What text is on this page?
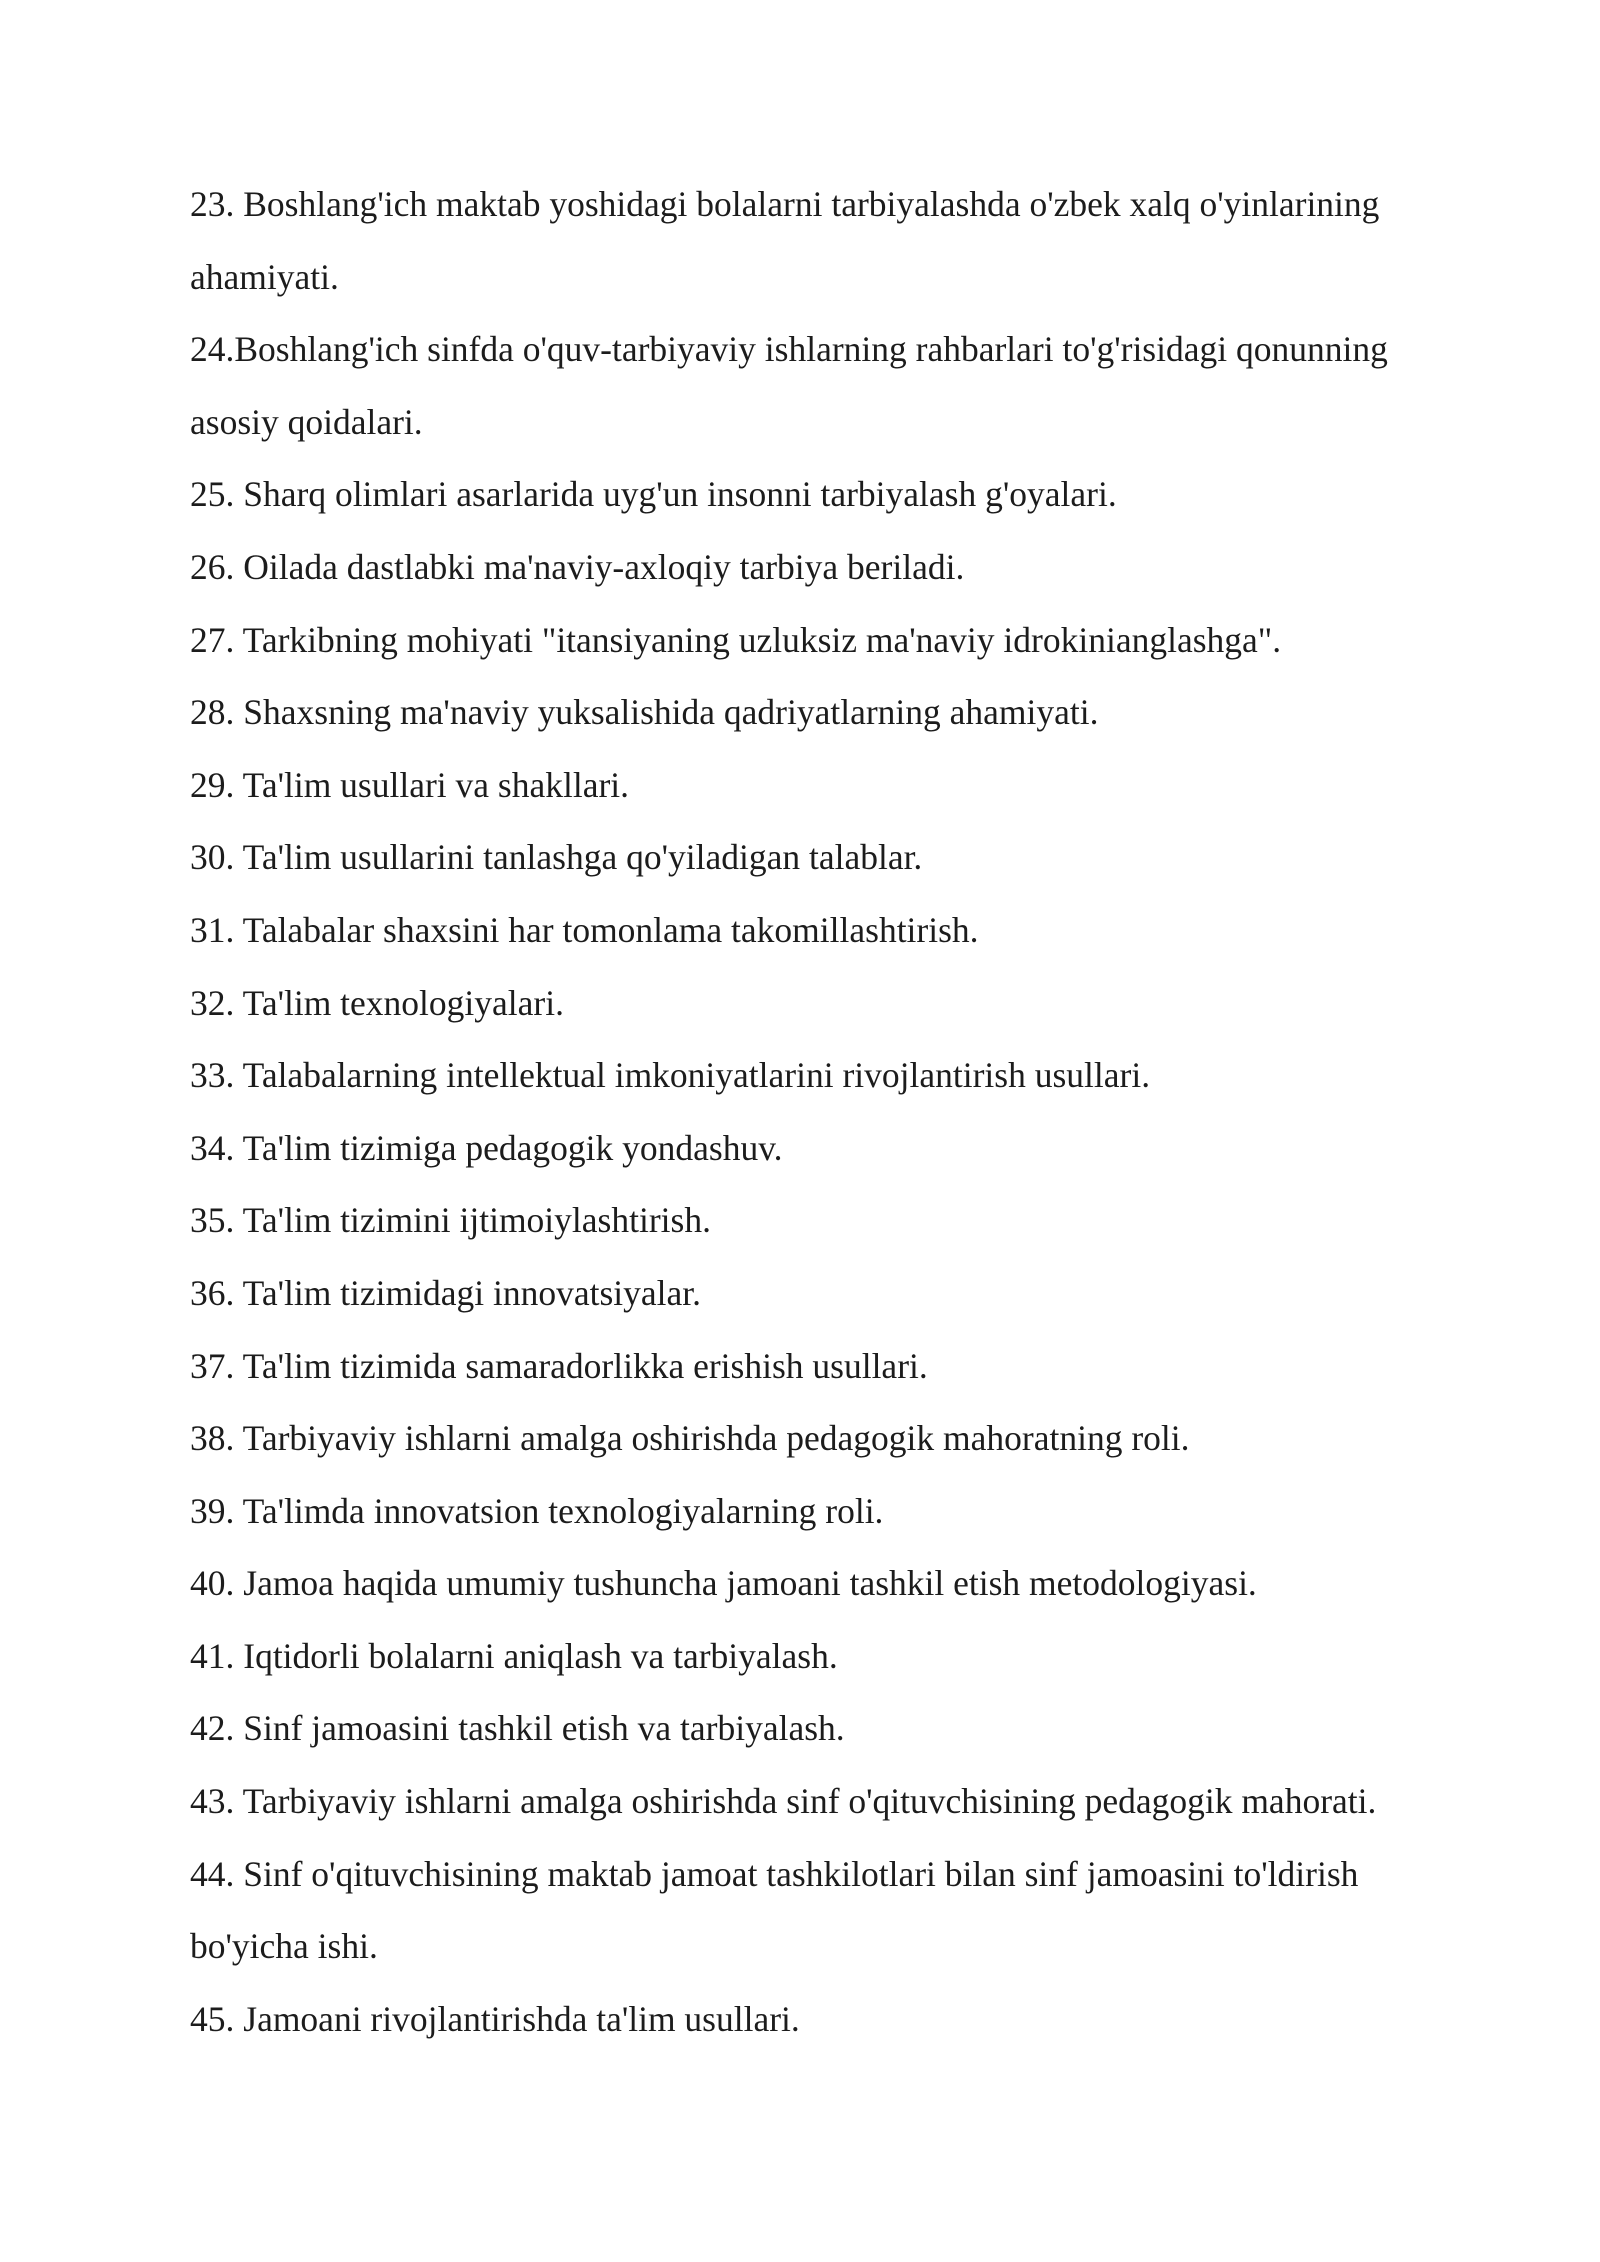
23. Boshlang'ich maktab yoshidagi bolalarni tarbiyalashda o'zbek xalq o'yinlarining
ahamiyati.
24.Boshlang'ich sinfda o'quv-tarbiyaviy ishlarning rahbarlari to'g'risidagi qonunning
asosiy qoidalari.
25. Sharq olimlari asarlarida uyg'un insonni tarbiyalash g'oyalari.
26. Oilada dastlabki ma'naviy-axloqiy tarbiya beriladi.
27. Tarkibning mohiyati "itansiyaning uzluksiz ma'naviy idrokinianglashga".
28. Shaxsning ma'naviy yuksalishida qadriyatlarning ahamiyati.
29. Ta'lim usullari va shakllari.
30. Ta'lim usullarini tanlashga qo'yiladigan talablar.
31. Talabalar shaxsini har tomonlama takomillashtirish.
32. Ta'lim texnologiyalari.
33. Talabalarning intellektual imkoniyatlarini rivojlantirish usullari.
34. Ta'lim tizimiga pedagogik yondashuv.
35. Ta'lim tizimini ijtimoiylashtirish.
36. Ta'lim tizimidagi innovatsiyalar.
37. Ta'lim tizimida samaradorlikka erishish usullari.
38. Tarbiyaviy ishlarni amalga oshirishda pedagogik mahoratning roli.
39. Ta'limda innovatsion texnologiyalarning roli.
40. Jamoa haqida umumiy tushuncha jamoani tashkil etish metodologiyasi.
41. Iqtidorli bolalarni aniqlash va tarbiyalash.
42. Sinf jamoasini tashkil etish va tarbiyalash.
43. Tarbiyaviy ishlarni amalga oshirishda sinf o'qituvchisining pedagogik mahorati.
44. Sinf o'qituvchisining maktab jamoat tashkilotlari bilan sinf jamoasini to'ldirish
bo'yicha ishi.
45. Jamoani rivojlantirishda ta'lim usullari.
